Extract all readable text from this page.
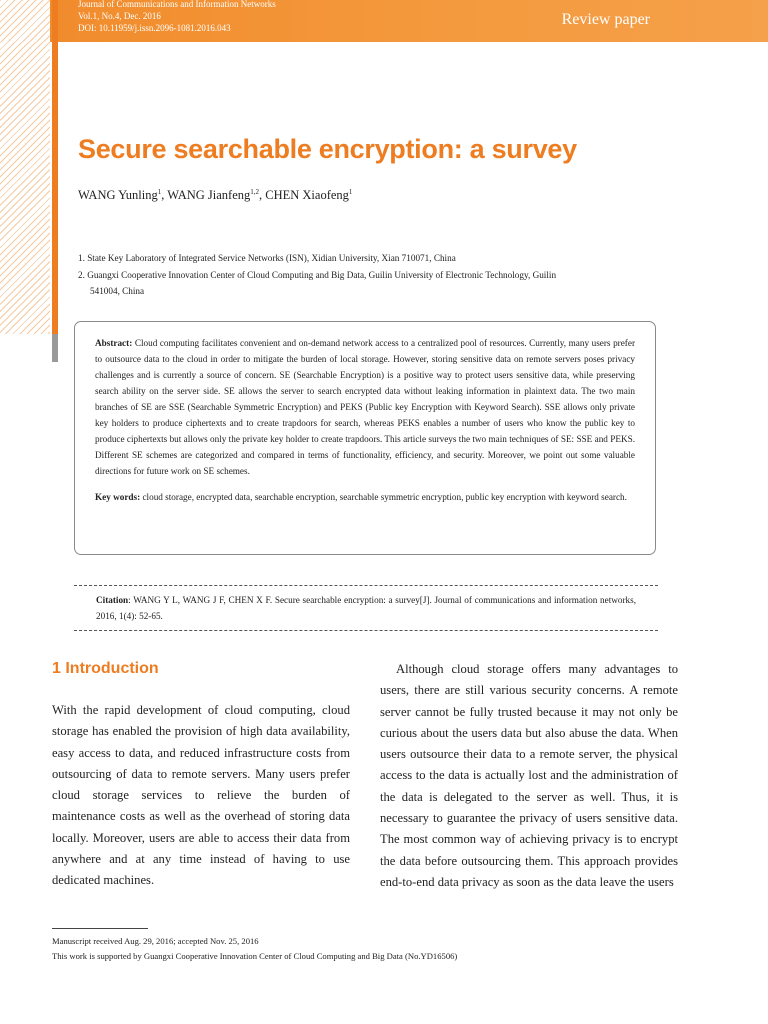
Journal of Communications and Information Networks
Vol.1, No.4, Dec. 2016
DOI: 10.11959/j.issn.2096-1081.2016.043	Review paper
Secure searchable encryption: a survey
WANG Yunling$^1$, WANG Jianfeng$^{1,2}$, CHEN Xiaofeng$^1$
1. State Key Laboratory of Integrated Service Networks (ISN), Xidian University, Xian 710071, China
2. Guangxi Cooperative Innovation Center of Cloud Computing and Big Data, Guilin University of Electronic Technology, Guilin
541004, China

Abstract: Cloud computing facilitates convenient and on-demand network access to a centralized pool of resources. Currently, many users prefer to outsource data to the cloud in order to mitigate the burden of local storage. However, storing sensitive data on remote servers poses privacy challenges and is currently a source of concern. SE (Searchable Encryption) is a positive way to protect users sensitive data, while preserving search ability on the server side. SE allows the server to search encrypted data without leaking information in plaintext data. The two main branches of SE are SSE (Searchable Symmetric Encryption) and PEKS (Public key Encryption with Keyword Search). SSE allows only private key holders to produce ciphertexts and to create trapdoors for search, whereas PEKS enables a number of users who know the public key to produce ciphertexts but allows only the private key holder to create trapdoors. This article surveys the two main techniques of SE: SSE and PEKS. Different SE schemes are categorized and compared in terms of functionality, efficiency, and security. Moreover, we point out some valuable directions for future work on SE schemes.

Key words: cloud storage, encrypted data, searchable encryption, searchable symmetric encryption, public key encryption with keyword search.

Citation: WANG Y L, WANG J F, CHEN X F. Secure searchable encryption: a survey[J]. Journal of communications and information networks, 2016, 1(4): 52-65.
1 Introduction

With the rapid development of cloud computing, cloud storage has enabled the provision of high data availability, easy access to data, and reduced infrastructure costs from outsourcing of data to remote servers. Many users prefer cloud storage services to relieve the burden of maintenance costs as well as the overhead of storing data locally. Moreover, users are able to access their data from anywhere and at any time instead of having to use dedicated machines.

Although cloud storage offers many advantages to users, there are still various security concerns. A remote server cannot be fully trusted because it may not only be curious about the users data but also abuse the data. When users outsource their data to a remote server, the physical access to the data is actually lost and the administration of the data is delegated to the server as well. Thus, it is necessary to guarantee the privacy of users sensitive data. The most common way of achieving privacy is to encrypt the data before outsourcing them. This approach provides end-to-end data privacy as soon as the data leave the users

Manuscript received Aug. 29, 2016; accepted Nov. 25, 2016
This work is supported by Guangxi Cooperative Innovation Center of Cloud Computing and Big Data (No.YD16506)
